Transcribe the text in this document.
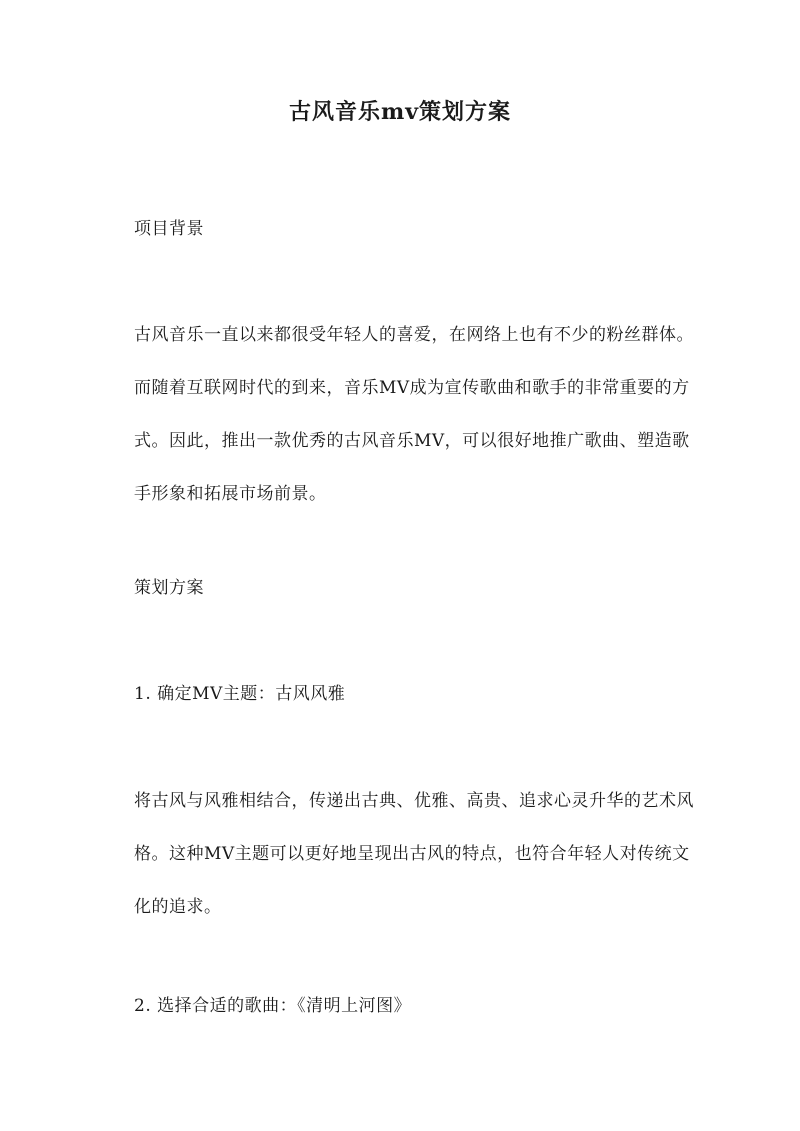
古风音乐mv策划方案
项目背景
古风音乐一直以来都很受年轻人的喜爱，在网络上也有不少的粉丝群体。而随着互联网时代的到来，音乐MV成为宣传歌曲和歌手的非常重要的方式。因此，推出一款优秀的古风音乐MV，可以很好地推广歌曲、塑造歌手形象和拓展市场前景。
策划方案
1. 确定MV主题：古风风雅
将古风与风雅相结合，传递出古典、优雅、高贵、追求心灵升华的艺术风格。这种MV主题可以更好地呈现出古风的特点，也符合年轻人对传统文化的追求。
2. 选择合适的歌曲：《清明上河图》
